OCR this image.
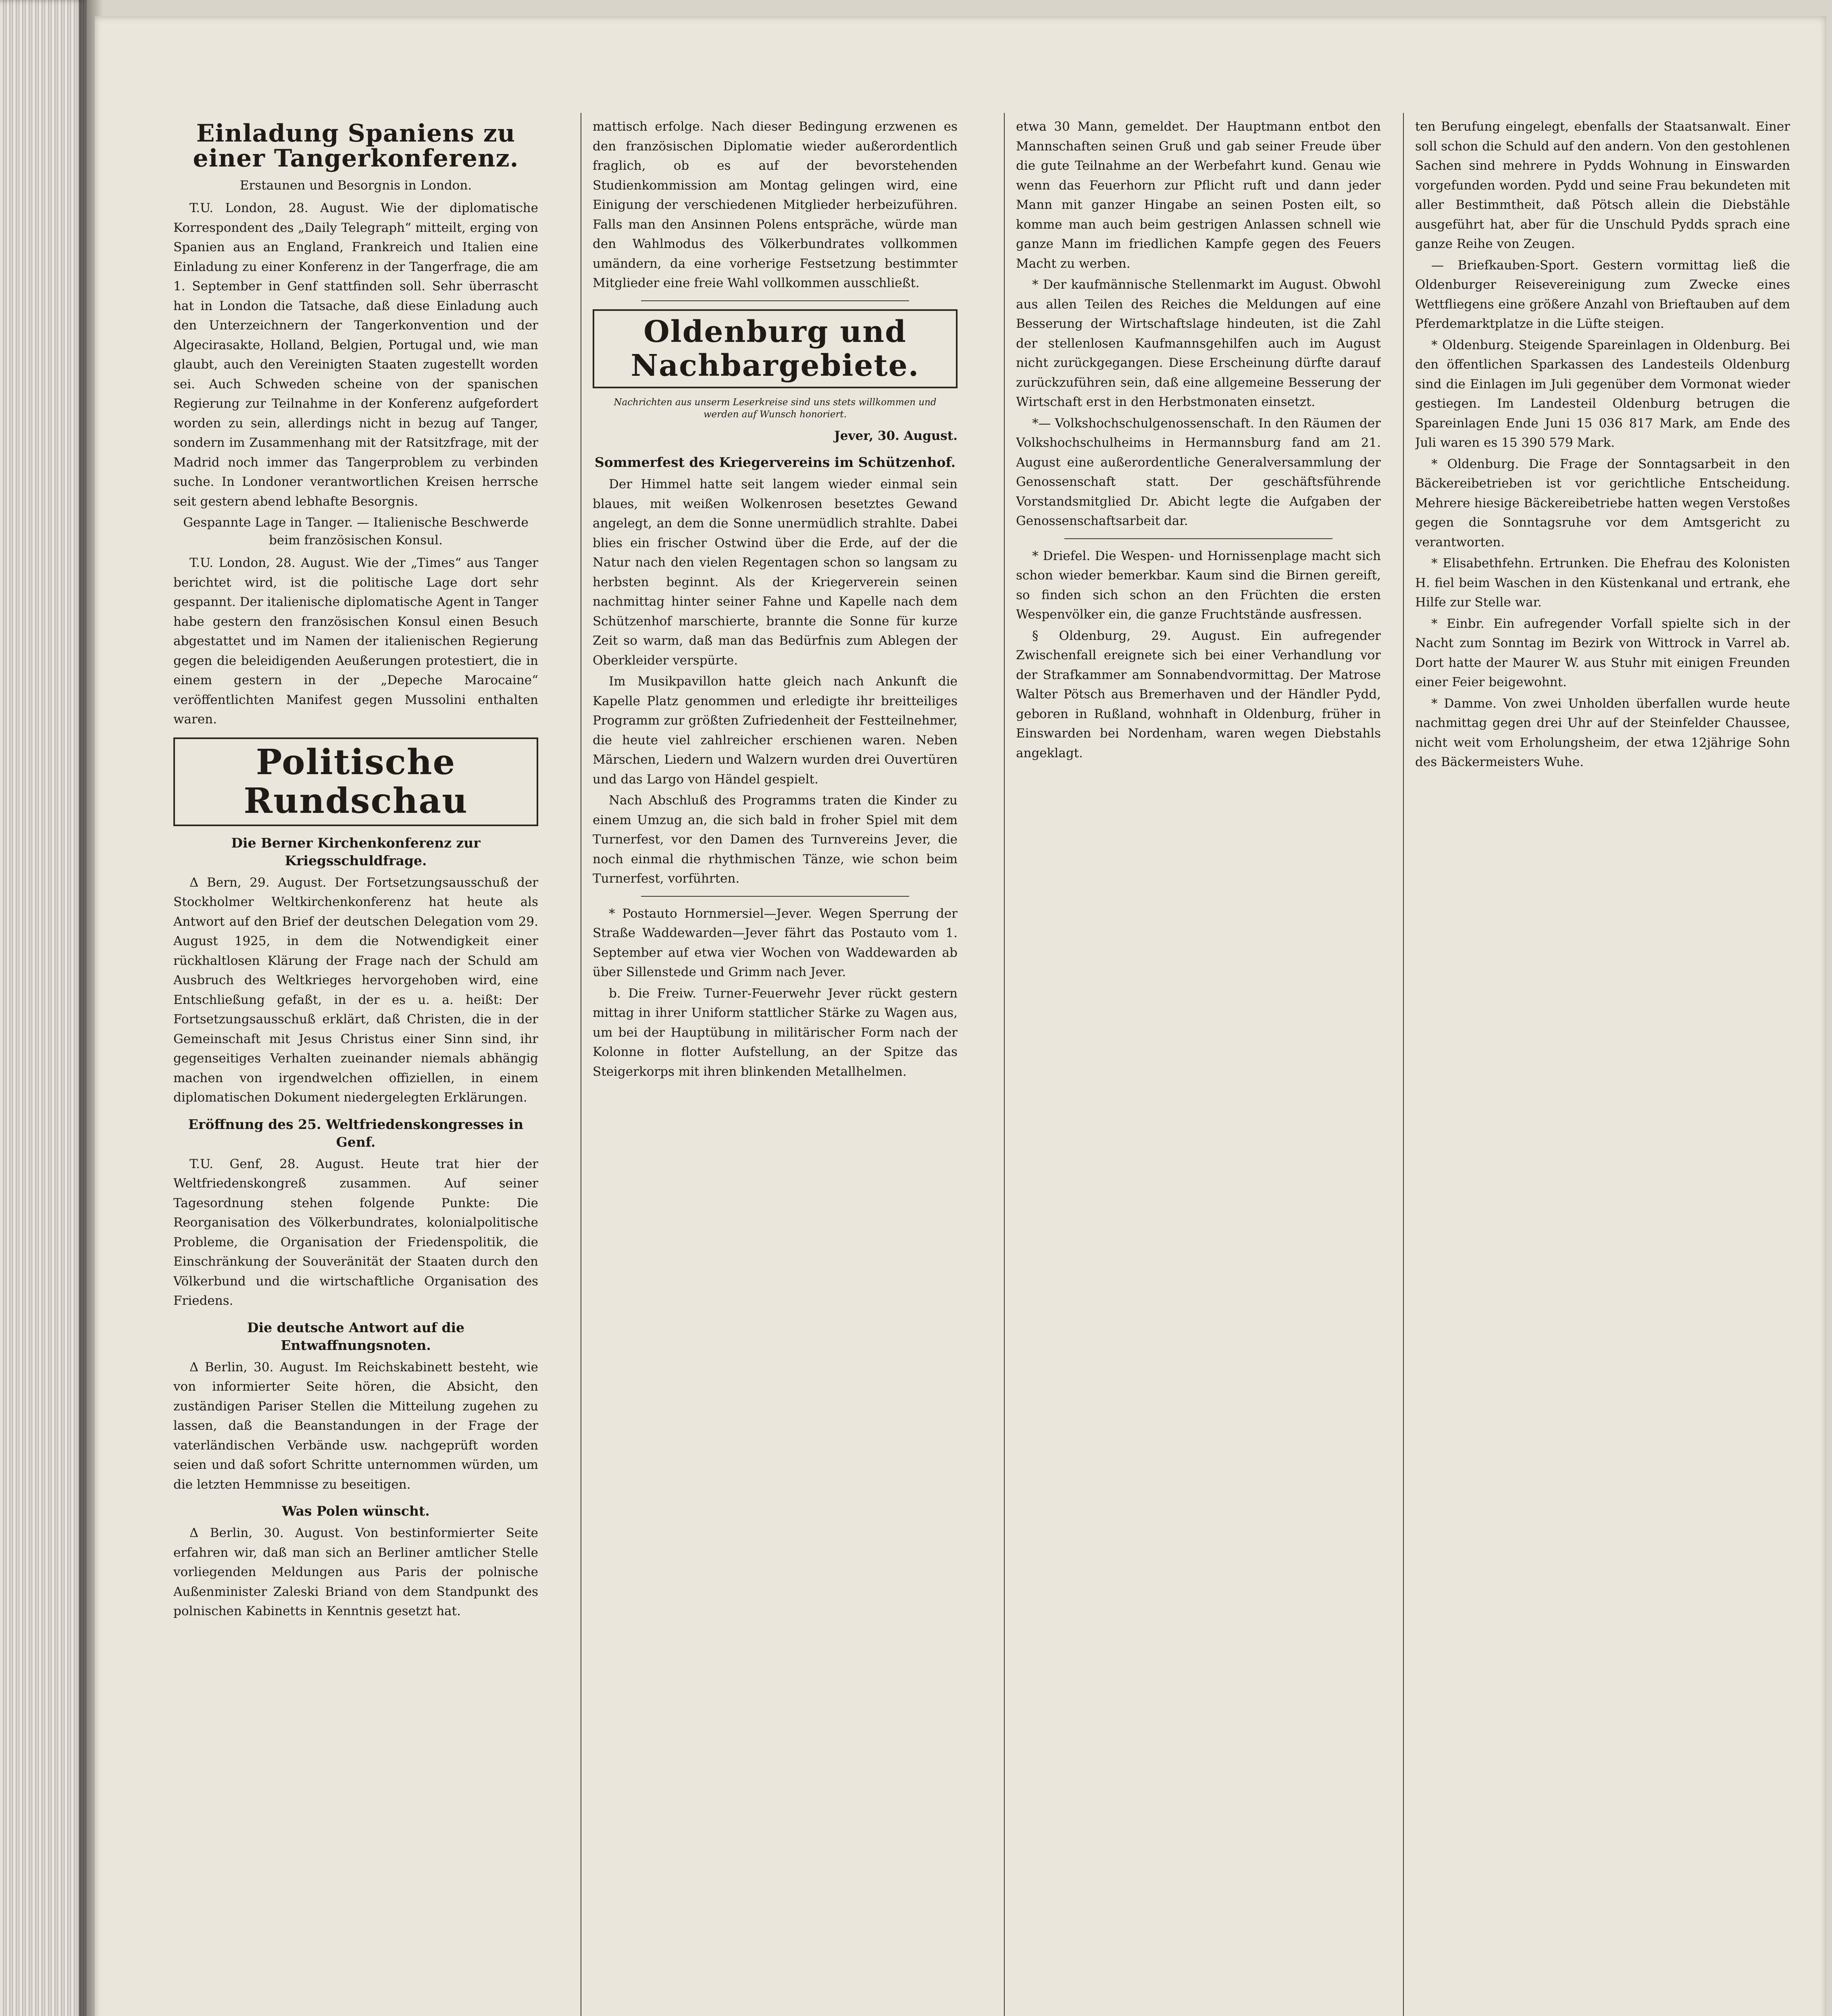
Einladung Spaniens zu einer Tangerkonferenz.
Erstaunen und Besorgnis in London.

T.U. London, 28. August. Wie der diplomatische Korrespondent des „Daily Telegraph“ mitteilt, erging von Spanien aus an England, Frankreich und Italien eine Einladung zu einer Konferenz in der Tangerfrage, die am 1. September in Genf stattfinden soll. Sehr überrascht hat in London die Tatsache, daß diese Einladung auch den Unterzeichnern der Tangerkonvention und der Algecirasakte, Holland, Belgien, Portugal und, wie man glaubt, auch den Vereinigten Staaten zugestellt worden sei. Auch Schweden scheine von der spanischen Regierung zur Teilnahme in der Konferenz aufgefordert worden zu sein, allerdings nicht in bezug auf Tanger, sondern im Zusammenhang mit der Ratsitzfrage, mit der Madrid noch immer das Tangerproblem zu verbinden suche. In Londoner verantwortlichen Kreisen herrsche seit gestern abend lebhafte Besorgnis.

Gespannte Lage in Tanger. — Italienische Beschwerde beim französischen Konsul.

T.U. London, 28. August. Wie der „Times“ aus Tanger berichtet wird, ist die politische Lage dort sehr gespannt. Der italienische diplomatische Agent in Tanger habe gestern den französischen Konsul einen Besuch abgestattet und im Namen der italienischen Regierung gegen die beleidigenden Aeußerungen protestiert, die in einem gestern in der „Depeche Marocaine“ veröffentlichten Manifest gegen Mussolini enthalten waren.

Politische Rundschau
Die Berner Kirchenkonferenz zur Kriegsschuldfrage.

Δ Bern, 29. August. Der Fortsetzungsausschuß der Stockholmer Weltkirchenkonferenz hat heute als Antwort auf den Brief der deutschen Delegation vom 29. August 1925, in dem die Notwendigkeit einer rückhaltlosen Klärung der Frage nach der Schuld am Ausbruch des Weltkrieges hervorgehoben wird, eine Entschließung gefaßt, in der es u. a. heißt: Der Fortsetzungsausschuß erklärt, daß Christen, die in der Gemeinschaft mit Jesus Christus einer Sinn sind, ihr gegenseitiges Verhalten zueinander niemals abhängig machen von irgendwelchen offiziellen, in einem diplomatischen Dokument niedergelegten Erklärungen.

Eröffnung des 25. Weltfriedenskongresses in Genf.

T.U. Genf, 28. August. Heute trat hier der Weltfriedenskongreß zusammen. Auf seiner Tagesordnung stehen folgende Punkte: Die Reorganisation des Völkerbundrates, kolonialpolitische Probleme, die Organisation der Friedenspolitik, die Einschränkung der Souveränität der Staaten durch den Völkerbund und die wirtschaftliche Organisation des Friedens.

Die deutsche Antwort auf die Entwaffnungsnoten.

Δ Berlin, 30. August. Im Reichskabinett besteht, wie von informierter Seite hören, die Absicht, den zuständigen Pariser Stellen die Mitteilung zugehen zu lassen, daß die Beanstandungen in der Frage der vaterländischen Verbände usw. nachgeprüft worden seien und daß sofort Schritte unternommen würden, um die letzten Hemmnisse zu beseitigen.

Was Polen wünscht.

Δ Berlin, 30. August. Von bestinformierter Seite erfahren wir, daß man sich an Berliner amtlicher Stelle vorliegenden Meldungen aus Paris der polnische Außenminister Zaleski Briand von dem Standpunkt des polnischen Kabinetts in Kenntnis gesetzt hat.

mattisch erfolge. Nach dieser Bedingung erzwenen es den französischen Diplomatie wieder außerordentlich fraglich, ob es auf der bevorstehenden Studienkommission am Montag gelingen wird, eine Einigung der verschiedenen Mitglieder herbeizuführen. Falls man den Ansinnen Polens entspräche, würde man den Wahlmodus des Völkerbundrates vollkommen umändern, da eine vorherige Festsetzung bestimmter Mitglieder eine freie Wahl vollkommen ausschließt.

Oldenburg und Nachbargebiete.
Nachrichten aus unserm Leserkreise sind uns stets willkommen und werden auf Wunsch honoriert.
Jever, 30. August.
Sommerfest des Kriegervereins im Schützenhof.

Der Himmel hatte seit langem wieder einmal sein blaues, mit weißen Wolkenrosen besetztes Gewand angelegt, an dem die Sonne unermüdlich strahlte. Dabei blies ein frischer Ostwind über die Erde, auf der die Natur nach den vielen Regentagen schon so langsam zu herbsten beginnt. Als der Kriegerverein seinen nachmittag hinter seiner Fahne und Kapelle nach dem Schützenhof marschierte, brannte die Sonne für kurze Zeit so warm, daß man das Bedürfnis zum Ablegen der Oberkleider verspürte.

Im Musikpavillon hatte gleich nach Ankunft die Kapelle Platz genommen und erledigte ihr breitteiliges Programm zur größten Zufriedenheit der Festteilnehmer, die heute viel zahlreicher erschienen waren. Neben Märschen, Liedern und Walzern wurden drei Ouvertüren und das Largo von Händel gespielt.

Nach Abschluß des Programms traten die Kinder zu einem Umzug an, die sich bald in froher Spiel mit dem Turnerfest, vor den Damen des Turnvereins Jever, die noch einmal die rhythmischen Tänze, wie schon beim Turnerfest, vorführten.

* Postauto Hornmersiel—Jever. Wegen Sperrung der Straße Waddewarden—Jever fährt das Postauto vom 1. September auf etwa vier Wochen von Waddewarden ab über Sillenstede und Grimm nach Jever.

b. Die Freiw. Turner-Feuerwehr Jever rückt gestern mittag in ihrer Uniform stattlicher Stärke zu Wagen aus, um bei der Hauptübung in militärischer Form nach der Kolonne in flotter Aufstellung, an der Spitze das Steigerkorps mit ihren blinkenden Metallhelmen.

etwa 30 Mann, gemeldet. Der Hauptmann entbot den Mannschaften seinen Gruß und gab seiner Freude über die gute Teilnahme an der Werbefahrt kund. Genau wie wenn das Feuerhorn zur Pflicht ruft und dann jeder Mann mit ganzer Hingabe an seinen Posten eilt, so komme man auch beim gestrigen Anlassen schnell wie ganze Mann im friedlichen Kampfe gegen des Feuers Macht zu werben.

* Der kaufmännische Stellenmarkt im August. Obwohl aus allen Teilen des Reiches die Meldungen auf eine Besserung der Wirtschaftslage hindeuten, ist die Zahl der stellenlosen Kaufmannsgehilfen auch im August nicht zurückgegangen. Diese Erscheinung dürfte darauf zurückzuführen sein, daß eine allgemeine Besserung der Wirtschaft erst in den Herbstmonaten einsetzt.

*— Volkshochschulgenossenschaft. In den Räumen der Volkshochschulheims in Hermannsburg fand am 21. August eine außerordentliche Generalversammlung der Genossenschaft statt. Der geschäftsführende Vorstandsmitglied Dr. Abicht legte die Aufgaben der Genossenschaftsarbeit dar.

* Driefel. Die Wespen- und Hornissenplage macht sich schon wieder bemerkbar. Kaum sind die Birnen gereift, so finden sich schon an den Früchten die ersten Wespenvölker ein, die ganze Fruchtstände ausfressen.

§ Oldenburg, 29. August. Ein aufregender Zwischenfall ereignete sich bei einer Verhandlung vor der Strafkammer am Sonnabendvormittag. Der Matrose Walter Pötsch aus Bremerhaven und der Händler Pydd, geboren in Rußland, wohnhaft in Oldenburg, früher in Einswarden bei Nordenham, waren wegen Diebstahls angeklagt.

ten Berufung eingelegt, ebenfalls der Staatsanwalt. Einer soll schon die Schuld auf den andern. Von den gestohlenen Sachen sind mehrere in Pydds Wohnung in Einswarden vorgefunden worden. Pydd und seine Frau bekundeten mit aller Bestimmtheit, daß Pötsch allein die Diebstähle ausgeführt hat, aber für die Unschuld Pydds sprach eine ganze Reihe von Zeugen.

— Briefkauben-Sport. Gestern vormittag ließ die Oldenburger Reisevereinigung zum Zwecke eines Wettfliegens eine größere Anzahl von Brieftauben auf dem Pferdemarktplatze in die Lüfte steigen.

* Oldenburg. Steigende Spareinlagen in Oldenburg. Bei den öffentlichen Sparkassen des Landesteils Oldenburg sind die Einlagen im Juli gegenüber dem Vormonat wieder gestiegen. Im Landesteil Oldenburg betrugen die Spareinlagen Ende Juni 15 036 817 Mark, am Ende des Juli waren es 15 390 579 Mark.

* Oldenburg. Die Frage der Sonntagsarbeit in den Bäckereibetrieben ist vor gerichtliche Entscheidung. Mehrere hiesige Bäckereibetriebe hatten wegen Verstoßes gegen die Sonntagsruhe vor dem Amtsgericht zu verantworten.

* Elisabethfehn. Ertrunken. Die Ehefrau des Kolonisten H. fiel beim Waschen in den Küstenkanal und ertrank, ehe Hilfe zur Stelle war.

* Einbr. Ein aufregender Vorfall spielte sich in der Nacht zum Sonntag im Bezirk von Wittrock in Varrel ab. Dort hatte der Maurer W. aus Stuhr mit einigen Freunden einer Feier beigewohnt.

* Damme. Von zwei Unholden überfallen wurde heute nachmittag gegen drei Uhr auf der Steinfelder Chaussee, nicht weit vom Erholungsheim, der etwa 12jährige Sohn des Bäckermeisters Wuhe.
